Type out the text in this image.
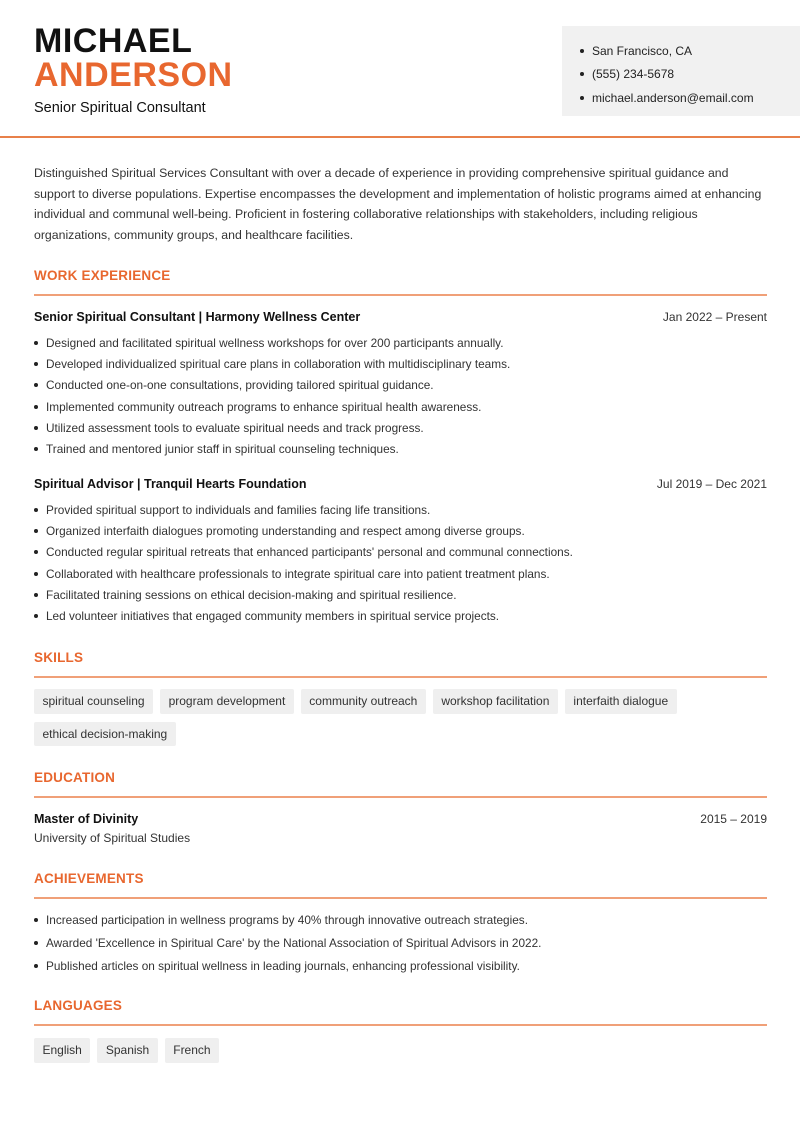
MICHAEL
ANDERSON
Senior Spiritual Consultant
San Francisco, CA
(555) 234-5678
michael.anderson@email.com
Distinguished Spiritual Services Consultant with over a decade of experience in providing comprehensive spiritual guidance and support to diverse populations. Expertise encompasses the development and implementation of holistic programs aimed at enhancing individual and communal well-being. Proficient in fostering collaborative relationships with stakeholders, including religious organizations, community groups, and healthcare facilities.
WORK EXPERIENCE
Senior Spiritual Consultant | Harmony Wellness Center	Jan 2022 – Present
Designed and facilitated spiritual wellness workshops for over 200 participants annually.
Developed individualized spiritual care plans in collaboration with multidisciplinary teams.
Conducted one-on-one consultations, providing tailored spiritual guidance.
Implemented community outreach programs to enhance spiritual health awareness.
Utilized assessment tools to evaluate spiritual needs and track progress.
Trained and mentored junior staff in spiritual counseling techniques.
Spiritual Advisor | Tranquil Hearts Foundation	Jul 2019 – Dec 2021
Provided spiritual support to individuals and families facing life transitions.
Organized interfaith dialogues promoting understanding and respect among diverse groups.
Conducted regular spiritual retreats that enhanced participants' personal and communal connections.
Collaborated with healthcare professionals to integrate spiritual care into patient treatment plans.
Facilitated training sessions on ethical decision-making and spiritual resilience.
Led volunteer initiatives that engaged community members in spiritual service projects.
SKILLS
spiritual counseling	program development	community outreach	workshop facilitation	interfaith dialogue
ethical decision-making
EDUCATION
Master of Divinity	2015 – 2019
University of Spiritual Studies
ACHIEVEMENTS
Increased participation in wellness programs by 40% through innovative outreach strategies.
Awarded 'Excellence in Spiritual Care' by the National Association of Spiritual Advisors in 2022.
Published articles on spiritual wellness in leading journals, enhancing professional visibility.
LANGUAGES
English	Spanish	French
